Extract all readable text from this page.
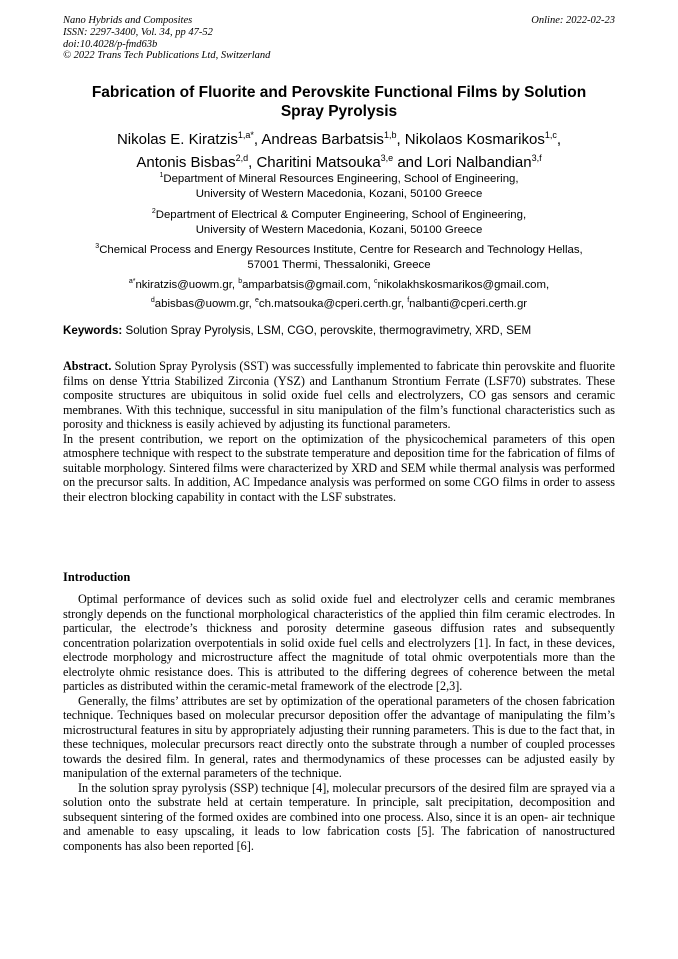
Nano Hybrids and Composites	Online: 2022-02-23
ISSN: 2297-3400, Vol. 34, pp 47-52
doi:10.4028/p-fmd63b
© 2022 Trans Tech Publications Ltd, Switzerland
Fabrication of Fluorite and Perovskite Functional Films by Solution
Spray Pyrolysis
Nikolas E. Kiratzis$^{1,a*}$, Andreas Barbatsis$^{1,b}$, Nikolaos Kosmarikos$^{1,c}$,
Antonis Bisbas$^{2,d}$, Charitini Matsouka$^{3,e}$ and Lori Nalbandian$^{3,f}$
$^1$Department of Mineral Resources Engineering, School of Engineering,
University of Western Macedonia, Kozani, 50100 Greece
$^2$Department of Electrical & Computer Engineering, School of Engineering,
University of Western Macedonia, Kozani, 50100 Greece
$^3$Chemical Process and Energy Resources Institute, Centre for Research and Technology Hellas,
57001 Thermi, Thessaloniki, Greece
$^{a*}$nkiratzis@uowm.gr, $^b$amparbatsis@gmail.com, $^c$nikolakhskosmarikos@gmail.com,
$^d$abisbas@uowm.gr, $^e$ch.matsouka@cperi.certh.gr, $^f$nalbanti@cperi.certh.gr
Keywords: Solution Spray Pyrolysis, LSM, CGO, perovskite, thermogravimetry, XRD, SEM

Abstract. Solution Spray Pyrolysis (SST) was successfully implemented to fabricate thin perovskite and fluorite films on dense Yttria Stabilized Zirconia (YSZ) and Lanthanum Strontium Ferrate (LSF70) substrates. These composite structures are ubiquitous in solid oxide fuel cells and electrolyzers, CO gas sensors and ceramic membranes. With this technique, successful in situ manipulation of the film’s functional characteristics such as porosity and thickness is easily achieved by adjusting its functional parameters.

In the present contribution, we report on the optimization of the physicochemical parameters of this open atmosphere technique with respect to the substrate temperature and deposition time for the fabrication of films of suitable morphology. Sintered films were characterized by XRD and SEM while thermal analysis was performed on the precursor salts. In addition, AC Impedance analysis was performed on some CGO films in order to assess their electron blocking capability in contact with the LSF substrates.

Introduction

Optimal performance of devices such as solid oxide fuel and electrolyzer cells and ceramic membranes strongly depends on the functional morphological characteristics of the applied thin film ceramic electrodes. In particular, the electrode’s thickness and porosity determine gaseous diffusion rates and subsequently concentration polarization overpotentials in solid oxide fuel cells and electrolyzers [1]. In fact, in these devices, electrode morphology and microstructure affect the magnitude of total ohmic overpotentials more than the electrolyte ohmic resistance does. This is attributed to the differing degrees of coherence between the metal particles as distributed within the ceramic-metal framework of the electrode [2,3].

Generally, the films’ attributes are set by optimization of the operational parameters of the chosen fabrication technique. Techniques based on molecular precursor deposition offer the advantage of manipulating the film’s microstructural features in situ by appropriately adjusting their running parameters. This is due to the fact that, in these techniques, molecular precursors react directly onto the substrate through a number of coupled processes towards the desired film. In general, rates and thermodynamics of these processes can be adjusted easily by manipulation of the external parameters of the technique.

In the solution spray pyrolysis (SSP) technique [4], molecular precursors of the desired film are sprayed via a solution onto the substrate held at certain temperature. In principle, salt precipitation, decomposition and subsequent sintering of the formed oxides are combined into one process. Also, since it is an open- air technique and amenable to easy upscaling, it leads to low fabrication costs [5]. The fabrication of nanostructured components has also been reported [6].
